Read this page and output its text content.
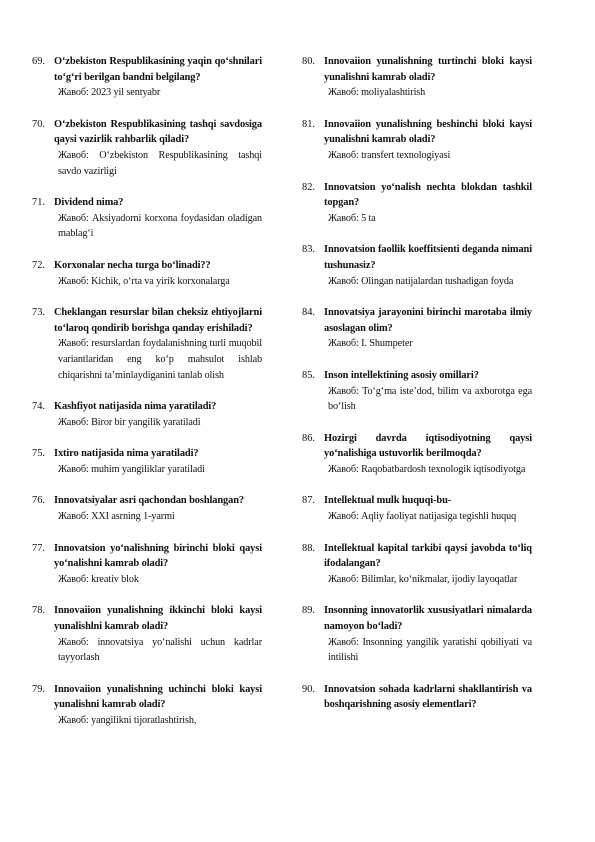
69. O‘zbekiston Respublikasining yaqin qo‘shnilari to‘g‘ri berilgan bandni belgilang?
Жавоб: 2023 yil sentyabr
70. O‘zbekiston Respublikasining tashqi savdosiga qaysi vazirlik rahbarlik qiladi?
Жавоб: O‘zbekiston Respublikasining tashqi savdo vazirligi
71. Dividend nima?
Жавоб: Aksiyadorni korxona foydasidan oladigan mablag‘i
72. Korxonalar necha turga bo‘linadi??
Жавоб: Kichik, o‘rta va yirik korxonalarga
73. Cheklangan resurslar bilan cheksiz ehtiyojlarni to‘laroq qondirib borishga qanday erishiladi?
Жавоб: resurslardan foydalanishning turli muqobil variantlaridan eng ko‘p mahsulot ishlab chiqarishni ta’minlaydiganini tanlab olish
74. Kashfiyot natijasida nima yaratiladi?
Жавоб: Biror bir yangilik yaratiladi
75. Ixtiro natijasida nima yaratiladi?
Жавоб: muhim yangiliklar yaratiladi
76. Innovatsiyalar asri qachondan boshlangan?
Жавоб: XXI asrning 1-yarmi
77. Innovatsion yo‘nalishning birinchi bloki qaysi yo‘nalishni kamrab oladi?
Жавоб: kreativ blok
78. Innovaiion yunalishning ikkinchi bloki kaysi yunalishlni kamrab oladi?
Жавоб: innovatsiya yo‘nalishi uchun kadrlar tayyorlash
79. Innovaiion yunalishning uchinchi bloki kaysi yunalishni kamrab oladi?
Жавоб: yangilikni tijoratlashtirish,
80. Innovaiion yunalishning turtinchi bloki kaysi yunalishni kamrab oladi?
Жавоб: moliyalashtirish
81. Innovaiion yunalishning beshinchi bloki kaysi yunalishni kamrab oladi?
Жавоб: transfert texnologiyasi
82. Innovatsion yo‘nalish nechta blokdan tashkil topgan?
Жавоб: 5 ta
83. Innovatsion faollik koeffitsienti deganda nimani tushunasiz?
Жавоб: Olingan natijalardan tushadigan foyda
84. Innovatsiya jarayonini birinchi marotaba ilmiy asoslagan olim?
Жавоб: I. Shumpeter
85. Inson intellektining asosiy omillari?
Жавоб: To‘g‘ma iste’dod, bilim va axborotga ega bo‘lish
86. Hozirgi davrda iqtisodiyotning qaysi yo‘nalishiga ustuvorlik berilmoqda?
Жавоб: Raqobatbardosh texnologik iqtisodiyotga
87. Intellektual mulk huquqi-bu-
Жавоб: Aqliy faoliyat natijasiga tegishli huquq
88. Intellektual kapital tarkibi qaysi javobda to‘liq ifodalangan?
Жавоб: Bilimlar, ko‘nikmalar, ijodiy layoqatlar
89. Insonning innovatorlik xususiyatlari nimalarda namoyon bo‘ladi?
Жавоб: Insonning yangilik yaratishi qobiliyati va intilishi
90. Innovatsion sohada kadrlarni shakllantirish va boshqarishning asosiy elementlari?
